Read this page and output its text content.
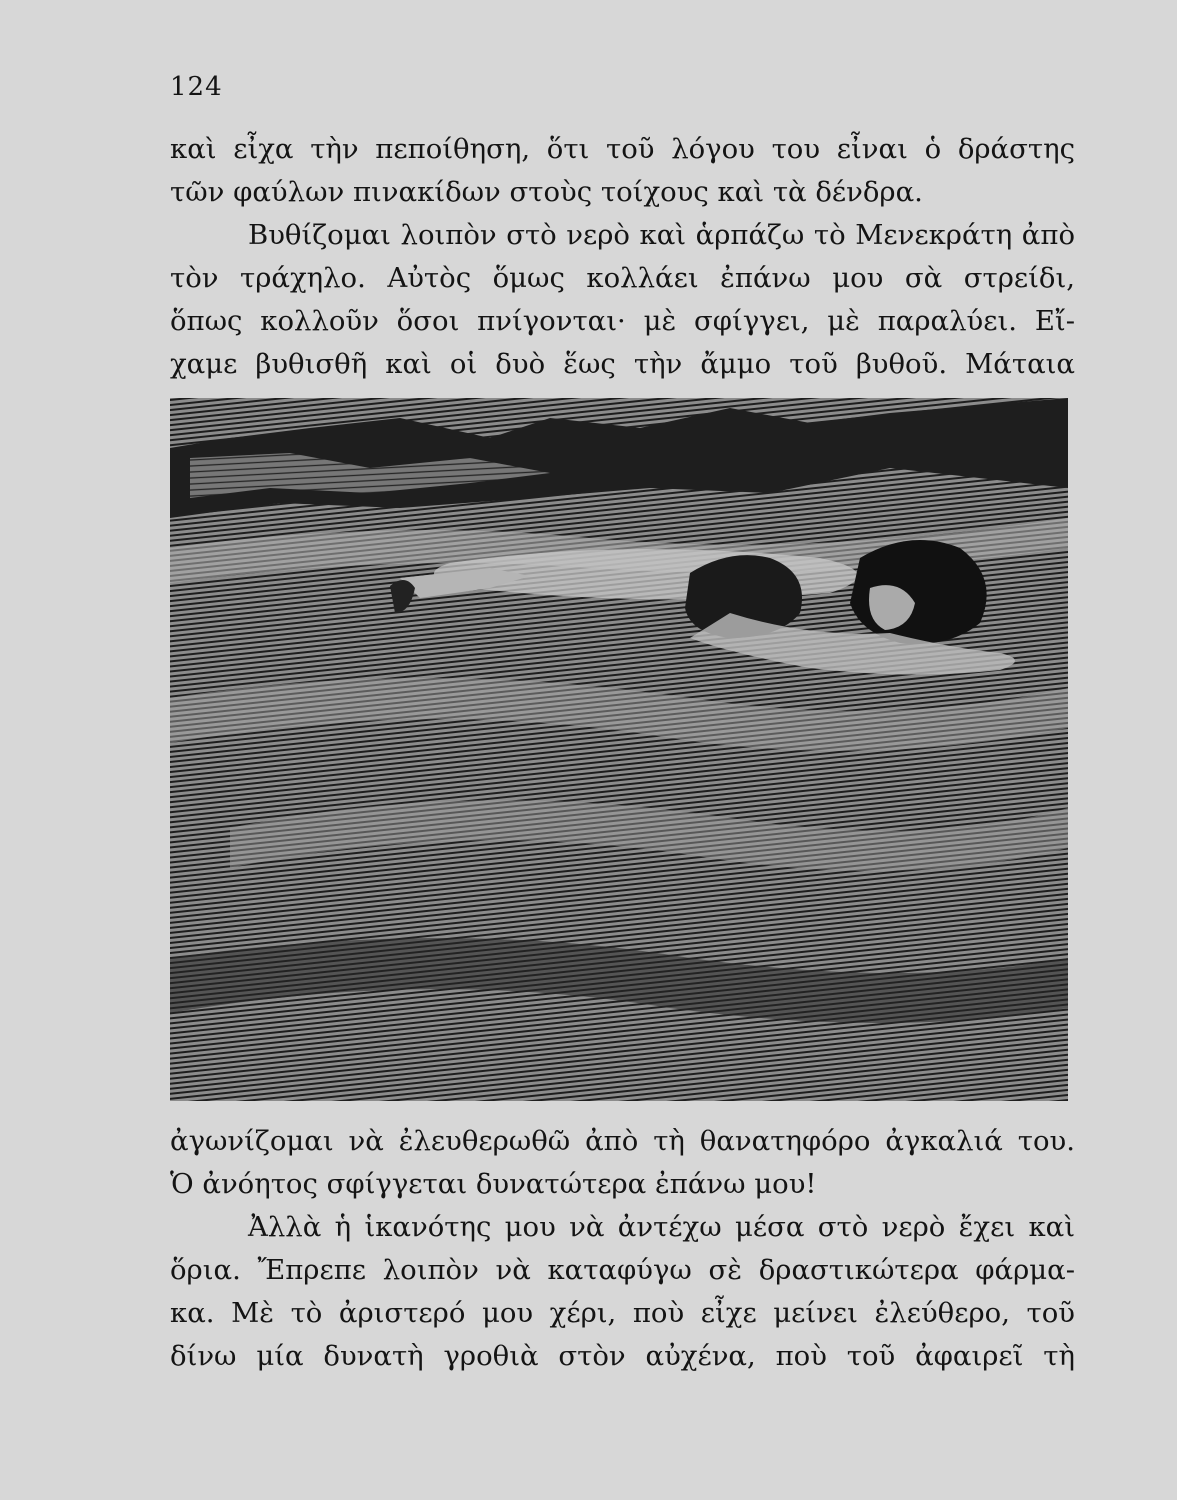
124
καὶ εἶχα τὴν πεποίθηση, ὅτι τοῦ λόγου του εἶναι ὁ δράστης
τῶν φαύλων πινακίδων στοὺς τοίχους καὶ τὰ δένδρα.
Βυθίζομαι λοιπὸν στὸ νερὸ καὶ ἁρπάζω τὸ Μενεκράτη ἀπὸ
τὸν τράχηλο. Αὐτὸς ὅμως κολλάει ἐπάνω μου σὰ στρείδι,
ὅπως κολλοῦν ὅσοι πνίγονται· μὲ σφίγγει, μὲ παραλύει. Εἴ-
χαμε βυθισθῆ καὶ οἱ δυὸ ἕως τὴν ἄμμο τοῦ βυθοῦ. Μάταια
ἀγωνίζομαι νὰ ἐλευθερωθῶ ἀπὸ τὴ θανατηφόρο ἀγκαλιά του.
Ὁ ἀνόητος σφίγγεται δυνατώτερα ἐπάνω μου!
Ἀλλὰ ἡ ἱκανότης μου νὰ ἀντέχω μέσα στὸ νερὸ ἔχει καὶ
ὅρια. Ἔπρεπε λοιπὸν νὰ καταφύγω σὲ δραστικώτερα φάρμα-
κα. Μὲ τὸ ἀριστερό μου χέρι, ποὺ εἶχε μείνει ἐλεύθερο, τοῦ
δίνω μία δυνατὴ γροθιὰ στὸν αὐχένα, ποὺ τοῦ ἀφαιρεῖ τὴ
